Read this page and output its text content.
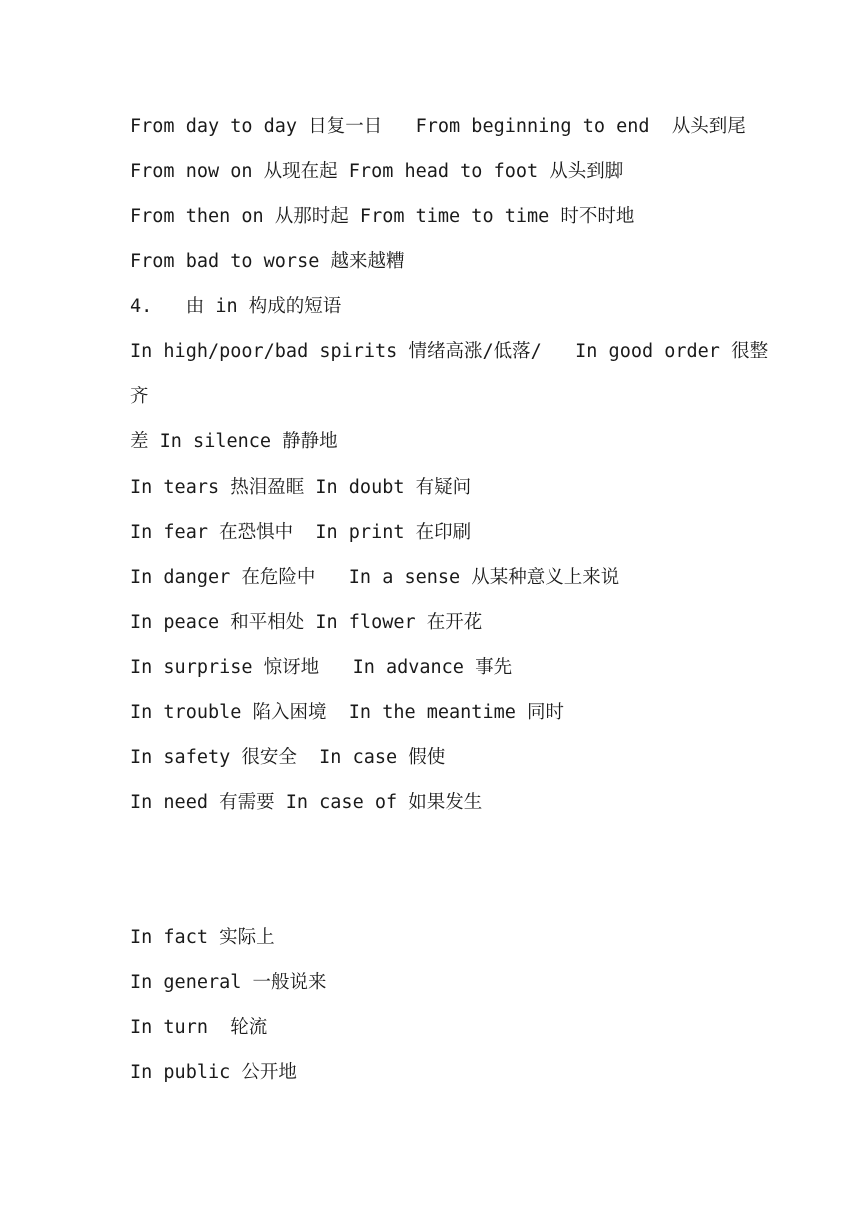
From day to day 日复一日   From beginning to end  从头到尾
From now on 从现在起 From head to foot 从头到脚
From then on 从那时起 From time to time 时不时地
From bad to worse 越来越糟
4.   由 in 构成的短语
In high/poor/bad spirits 情绪高涨/低落/   In good order 很整
齐
差 In silence 静静地
In tears 热泪盈眶 In doubt 有疑问
In fear 在恐惧中  In print 在印刷
In danger 在危险中   In a sense 从某种意义上来说
In peace 和平相处 In flower 在开花
In surprise 惊讶地   In advance 事先
In trouble 陷入困境  In the meantime 同时
In safety 很安全  In case 假使
In need 有需要 In case of 如果发生
In fact 实际上
In general 一般说来
In turn  轮流
In public 公开地
